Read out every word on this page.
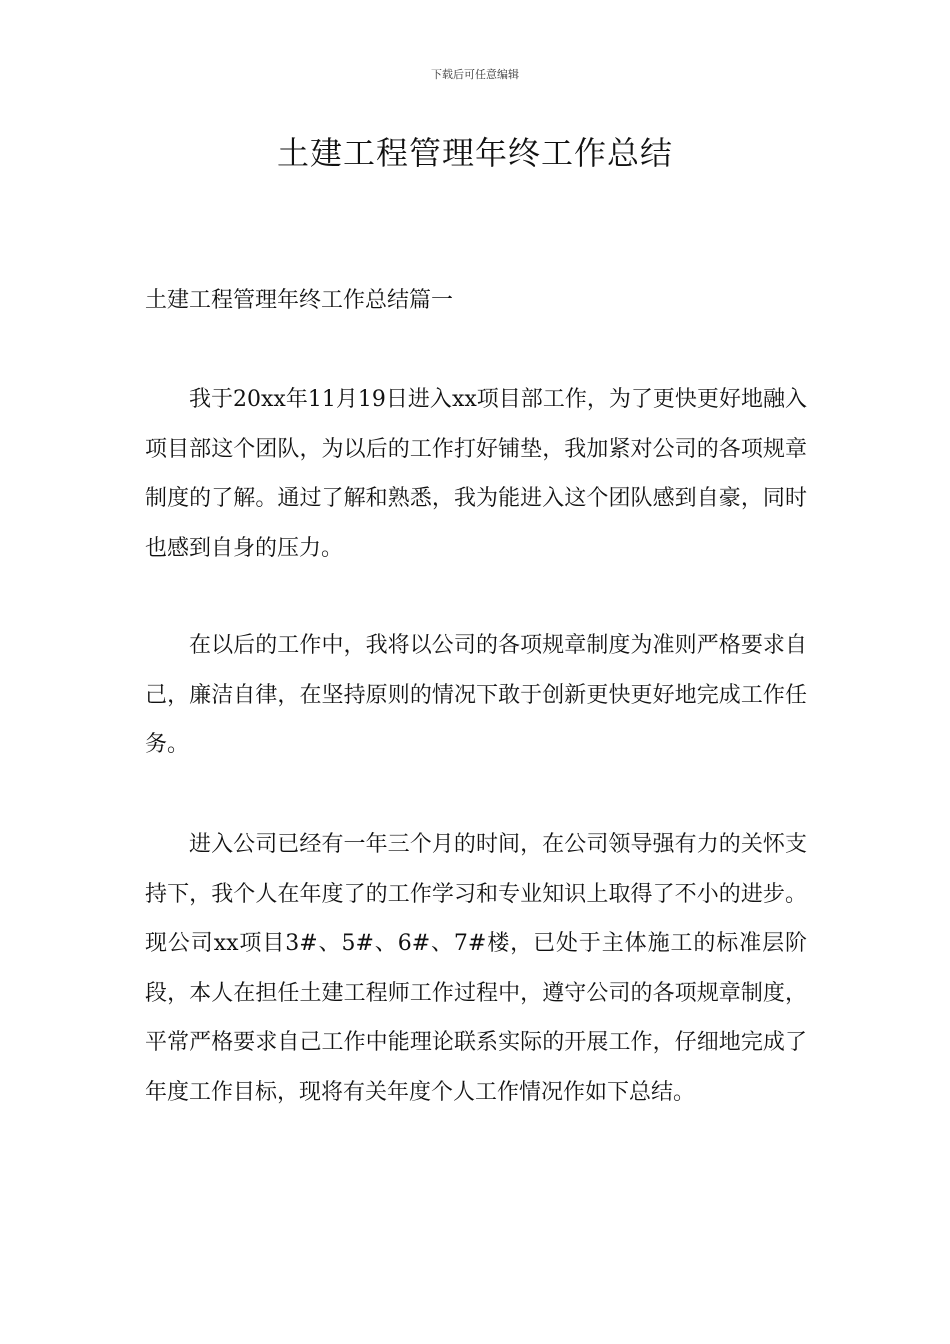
下载后可任意编辑
土建工程管理年终工作总结
土建工程管理年终工作总结篇一

我于20xx年11月19日进入xx项目部工作，为了更快更好地融入项目部这个团队，为以后的工作打好铺垫，我加紧对公司的各项规章制度的了解。通过了解和熟悉，我为能进入这个团队感到自豪，同时也感到自身的压力。

在以后的工作中，我将以公司的各项规章制度为准则严格要求自己，廉洁自律，在坚持原则的情况下敢于创新更快更好地完成工作任务。

进入公司已经有一年三个月的时间，在公司领导强有力的关怀支持下，我个人在年度了的工作学习和专业知识上取得了不小的进步。现公司xx项目3#、5#、6#、7#楼，已处于主体施工的标准层阶段，本人在担任土建工程师工作过程中，遵守公司的各项规章制度，平常严格要求自己工作中能理论联系实际的开展工作，仔细地完成了年度工作目标，现将有关年度个人工作情况作如下总结。
